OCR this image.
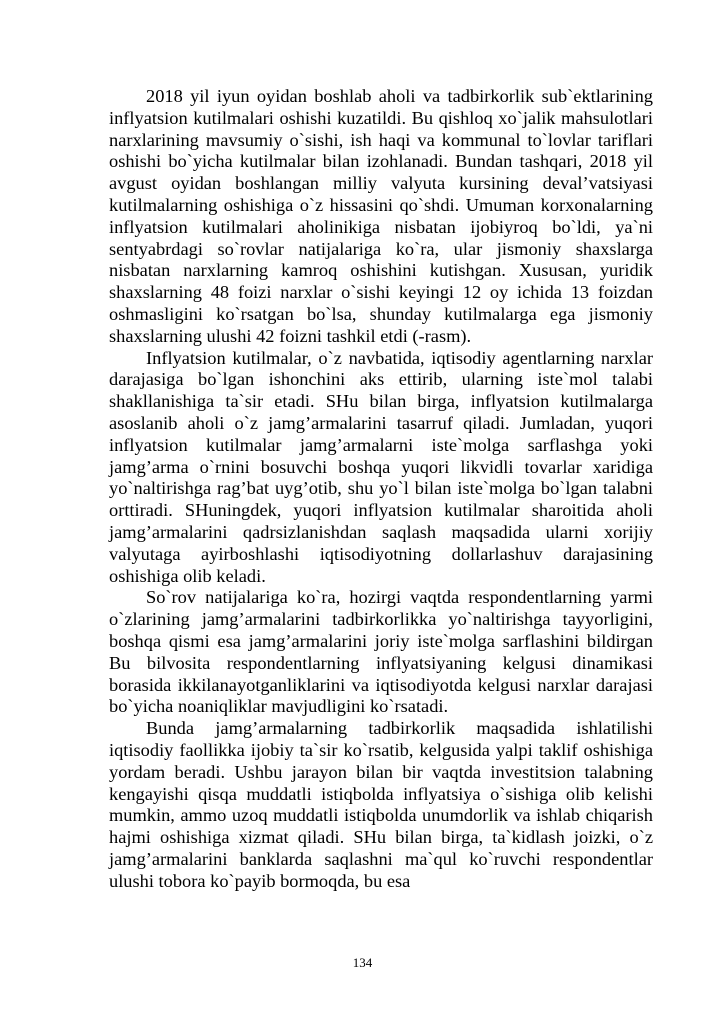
2018 yil iyun oyidan boshlab aholi va tadbirkorlik sub`ektlarining inflyatsion kutilmalari oshishi kuzatildi. Bu qishloq xo`jalik mahsulotlari narxlarining mavsumiy o`sishi, ish haqi va kommunal to`lovlar tariflari oshishi bo`yicha kutilmalar bilan izohlanadi. Bundan tashqari, 2018 yil avgust oyidan boshlangan milliy valyuta kursining deval’vatsiyasi kutilmalarning oshishiga o`z hissasini qo`shdi. Umuman korxonalarning inflyatsion kutilmalari aholinikiga nisbatan ijobiyroq bo`ldi, ya`ni sentyabrdagi so`rovlar natijalariga ko`ra, ular jismoniy shaxslarga nisbatan narxlarning kamroq oshishini kutishgan. Xususan, yuridik shaxslarning 48 foizi narxlar o`sishi keyingi 12 oy ichida 13 foizdan oshmasligini ko`rsatgan bo`lsa, shunday kutilmalarga ega jismoniy shaxslarning ulushi 42 foizni tashkil etdi (-rasm).

Inflyatsion kutilmalar, o`z navbatida, iqtisodiy agentlarning narxlar darajasiga bo`lgan ishonchini aks ettirib, ularning iste`mol talabi shakllanishiga ta`sir etadi. SHu bilan birga, inflyatsion kutilmalarga asoslanib aholi o`z jamg’armalarini tasarruf qiladi. Jumladan, yuqori inflyatsion kutilmalar jamg’armalarni iste`molga sarflashga yoki jamg’arma o`rnini bosuvchi boshqa yuqori likvidli tovarlar xaridiga yo`naltirishga rag’bat uyg’otib, shu yo`l bilan iste`molga bo`lgan talabni orttiradi. SHuningdek, yuqori inflyatsion kutilmalar sharoitida aholi jamg’armalarini qadrsizlanishdan saqlash maqsadida ularni xorijiy valyutaga ayirboshlashi iqtisodiyotning dollarlashuv darajasining oshishiga olib keladi.

So`rov natijalariga ko`ra, hozirgi vaqtda respondentlarning yarmi o`zlarining jamg’armalarini tadbirkorlikka yo`naltirishga tayyorligini, boshqa qismi esa jamg’armalarini joriy iste`molga sarflashini bildirgan Bu bilvosita respondentlarning inflyatsiyaning kelgusi dinamikasi borasida ikkilanayotganliklarini va iqtisodiyotda kelgusi narxlar darajasi bo`yicha noaniqliklar mavjudligini ko`rsatadi.

Bunda jamg’armalarning tadbirkorlik maqsadida ishlatilishi iqtisodiy faollikka ijobiy ta`sir ko`rsatib, kelgusida yalpi taklif oshishiga yordam beradi. Ushbu jarayon bilan bir vaqtda investitsion talabning kengayishi qisqa muddatli istiqbolda inflyatsiya o`sishiga olib kelishi mumkin, ammo uzoq muddatli istiqbolda unumdorlik va ishlab chiqarish hajmi oshishiga xizmat qiladi. SHu bilan birga, ta`kidlash joizki, o`z jamg’armalarini banklarda saqlashni ma`qul ko`ruvchi respondentlar ulushi tobora ko`payib bormoqda, bu esa

134
